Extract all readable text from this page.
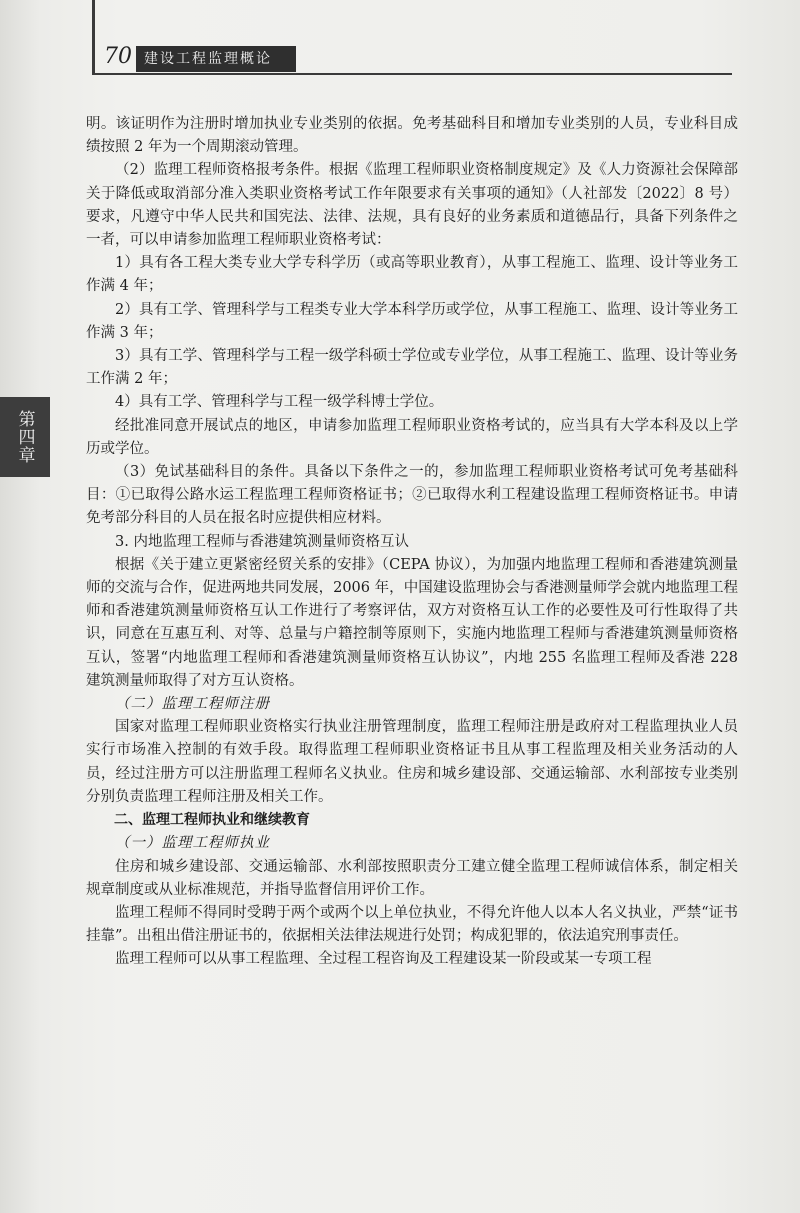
70 建设工程监理概论
第四章

明。该证明作为注册时增加执业专业类别的依据。免考基础科目和增加专业类别的人员，专业科目成绩按照 2 年为一个周期滚动管理。

（2）监理工程师资格报考条件。根据《监理工程师职业资格制度规定》及《人力资源社会保障部关于降低或取消部分准入类职业资格考试工作年限要求有关事项的通知》（人社部发〔2022〕8 号）要求，凡遵守中华人民共和国宪法、法律、法规，具有良好的业务素质和道德品行，具备下列条件之一者，可以申请参加监理工程师职业资格考试：

1）具有各工程大类专业大学专科学历（或高等职业教育），从事工程施工、监理、设计等业务工作满 4 年；

2）具有工学、管理科学与工程类专业大学本科学历或学位，从事工程施工、监理、设计等业务工作满 3 年；

3）具有工学、管理科学与工程一级学科硕士学位或专业学位，从事工程施工、监理、设计等业务工作满 2 年；

4）具有工学、管理科学与工程一级学科博士学位。

经批准同意开展试点的地区，申请参加监理工程师职业资格考试的，应当具有大学本科及以上学历或学位。

（3）免试基础科目的条件。具备以下条件之一的，参加监理工程师职业资格考试可免考基础科目：①已取得公路水运工程监理工程师资格证书；②已取得水利工程建设监理工程师资格证书。申请免考部分科目的人员在报名时应提供相应材料。

3. 内地监理工程师与香港建筑测量师资格互认

根据《关于建立更紧密经贸关系的安排》（CEPA 协议），为加强内地监理工程师和香港建筑测量师的交流与合作，促进两地共同发展，2006 年，中国建设监理协会与香港测量师学会就内地监理工程师和香港建筑测量师资格互认工作进行了考察评估，双方对资格互认工作的必要性及可行性取得了共识，同意在互惠互利、对等、总量与户籍控制等原则下，实施内地监理工程师与香港建筑测量师资格互认，签署“内地监理工程师和香港建筑测量师资格互认协议”，内地 255 名监理工程师及香港 228 建筑测量师取得了对方互认资格。

（二）监理工程师注册

国家对监理工程师职业资格实行执业注册管理制度，监理工程师注册是政府对工程监理执业人员实行市场准入控制的有效手段。取得监理工程师职业资格证书且从事工程监理及相关业务活动的人员，经过注册方可以注册监理工程师名义执业。住房和城乡建设部、交通运输部、水利部按专业类别分别负责监理工程师注册及相关工作。

二、监理工程师执业和继续教育

（一）监理工程师执业

住房和城乡建设部、交通运输部、水利部按照职责分工建立健全监理工程师诚信体系，制定相关规章制度或从业标准规范，并指导监督信用评价工作。

监理工程师不得同时受聘于两个或两个以上单位执业，不得允许他人以本人名义执业，严禁“证书挂靠”。出租出借注册证书的，依据相关法律法规进行处罚；构成犯罪的，依法追究刑事责任。

监理工程师可以从事工程监理、全过程工程咨询及工程建设某一阶段或某一专项工程
